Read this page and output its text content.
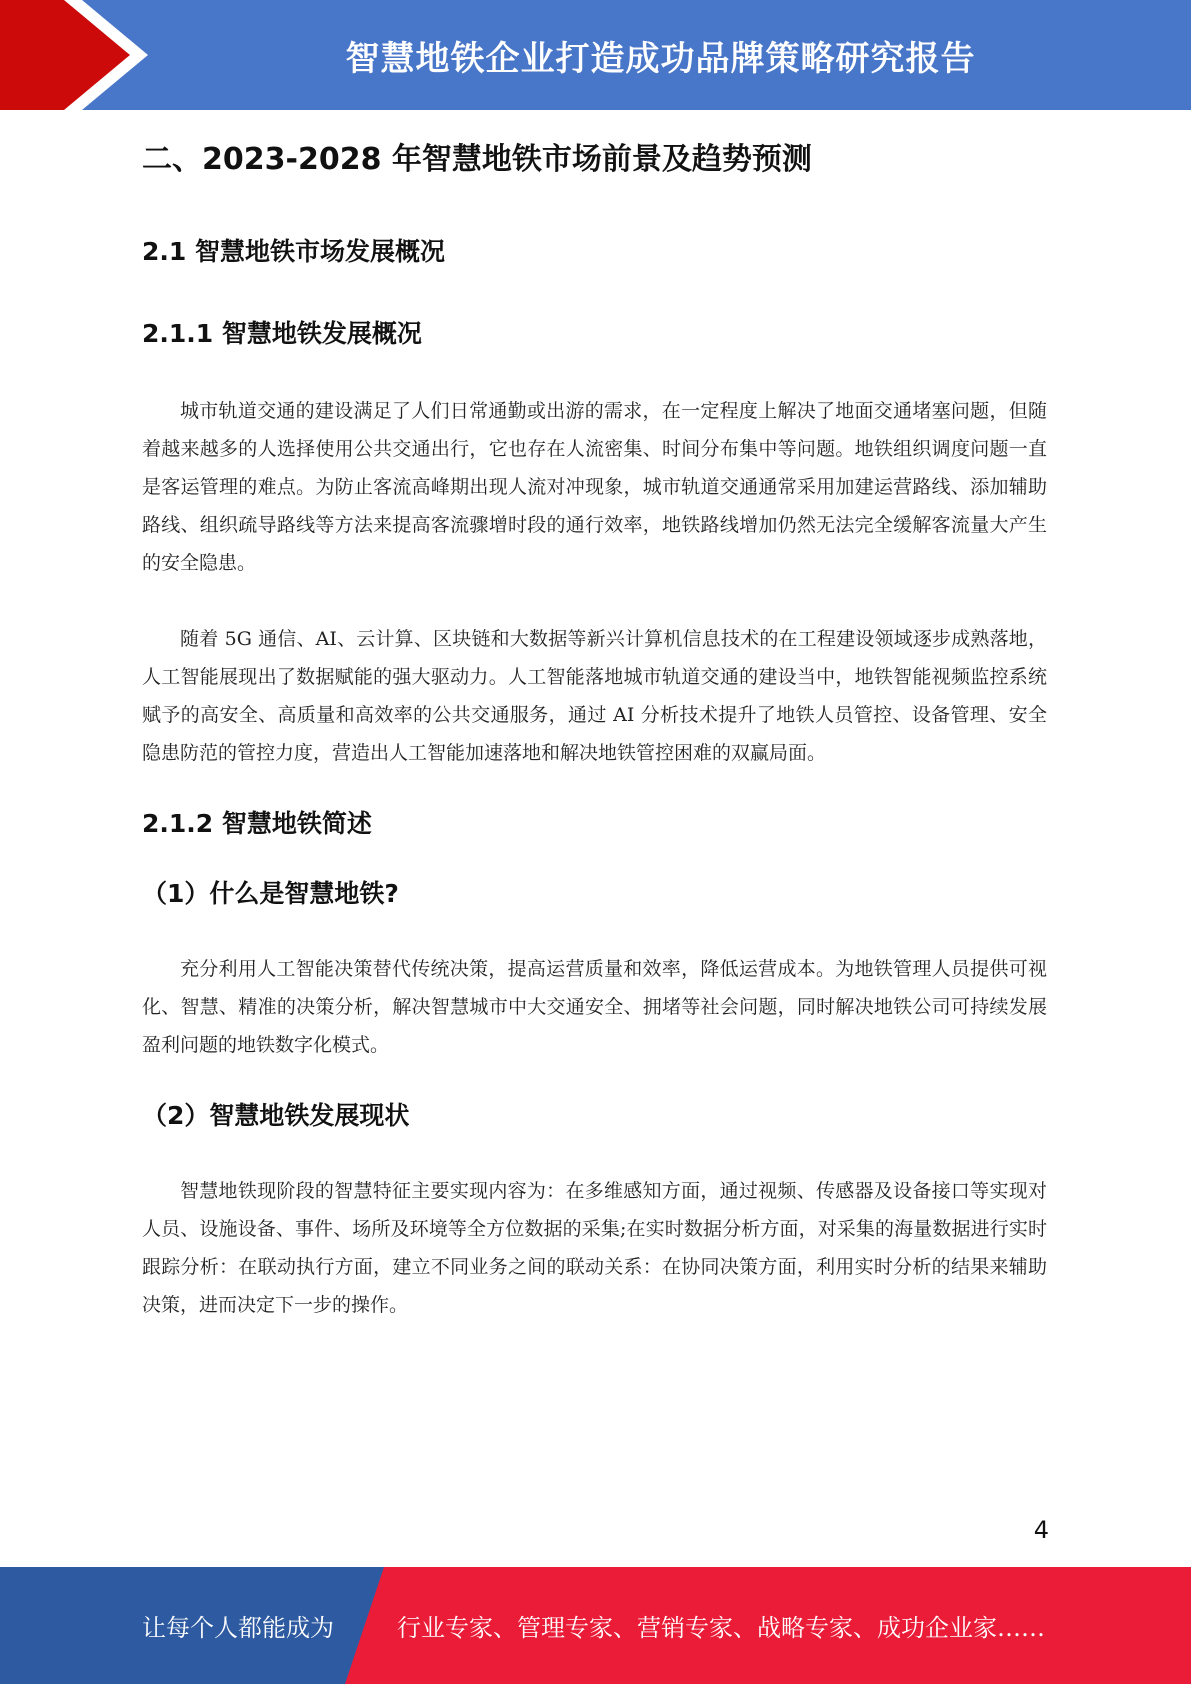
智慧地铁企业打造成功品牌策略研究报告
二、2023-2028 年智慧地铁市场前景及趋势预测
2.1 智慧地铁市场发展概况
2.1.1 智慧地铁发展概况

城市轨道交通的建设满足了人们日常通勤或出游的需求，在一定程度上解决了地面交通堵塞问题，但随着越来越多的人选择使用公共交通出行，它也存在人流密集、时间分布集中等问题。地铁组织调度问题一直是客运管理的难点。为防止客流高峰期出现人流对冲现象，城市轨道交通通常采用加建运营路线、添加辅助路线、组织疏导路线等方法来提高客流骤增时段的通行效率，地铁路线增加仍然无法完全缓解客流量大产生的安全隐患。

随着 5G 通信、AI、云计算、区块链和大数据等新兴计算机信息技术的在工程建设领域逐步成熟落地，人工智能展现出了数据赋能的强大驱动力。人工智能落地城市轨道交通的建设当中，地铁智能视频监控系统赋予的高安全、高质量和高效率的公共交通服务，通过 AI 分析技术提升了地铁人员管控、设备管理、安全隐患防范的管控力度，营造出人工智能加速落地和解决地铁管控困难的双赢局面。

2.1.2 智慧地铁简述
（1）什么是智慧地铁?

充分利用人工智能决策替代传统决策，提高运营质量和效率，降低运营成本。为地铁管理人员提供可视化、智慧、精准的决策分析，解决智慧城市中大交通安全、拥堵等社会问题，同时解决地铁公司可持续发展盈利问题的地铁数字化模式。

（2）智慧地铁发展现状

智慧地铁现阶段的智慧特征主要实现内容为：在多维感知方面，通过视频、传感器及设备接口等实现对人员、设施设备、事件、场所及环境等全方位数据的采集;在实时数据分析方面，对采集的海量数据进行实时跟踪分析：在联动执行方面，建立不同业务之间的联动关系：在协同决策方面，利用实时分析的结果来辅助决策，进而决定下一步的操作。

4
让每个人都能成为	行业专家、管理专家、营销专家、战略专家、成功企业家……
